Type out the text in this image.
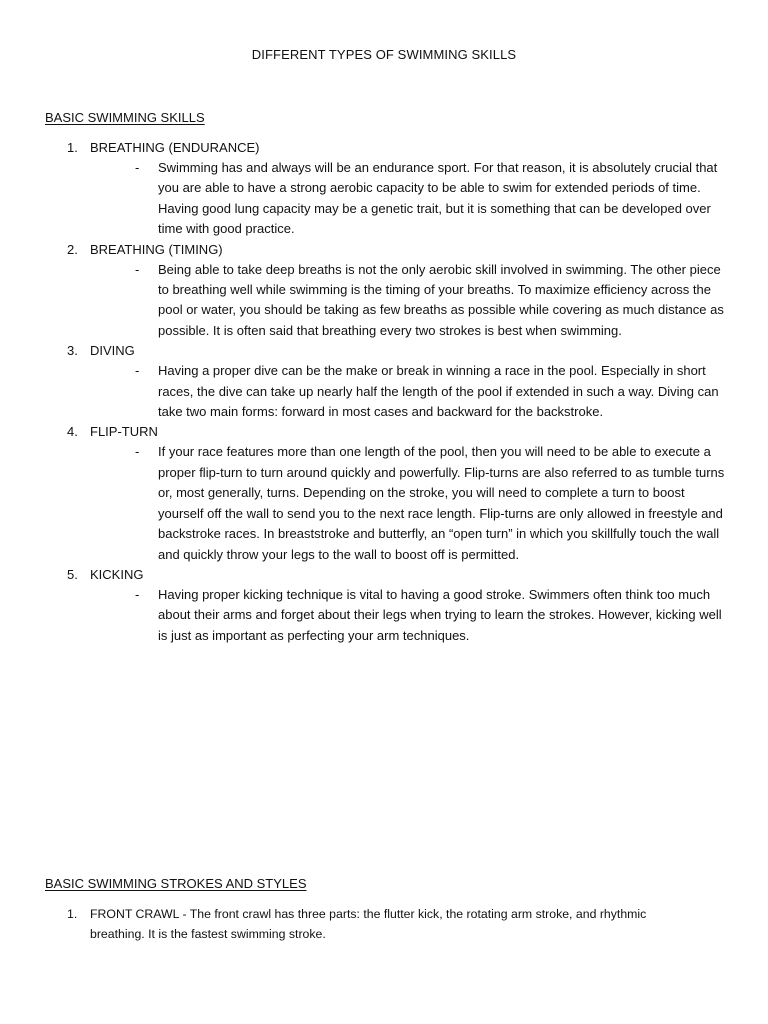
DIFFERENT TYPES OF SWIMMING SKILLS
BASIC SWIMMING SKILLS
1. BREATHING (ENDURANCE)
- Swimming has and always will be an endurance sport. For that reason, it is absolutely crucial that you are able to have a strong aerobic capacity to be able to swim for extended periods of time. Having good lung capacity may be a genetic trait, but it is something that can be developed over time with good practice.
2. BREATHING (TIMING)
- Being able to take deep breaths is not the only aerobic skill involved in swimming. The other piece to breathing well while swimming is the timing of your breaths. To maximize efficiency across the pool or water, you should be taking as few breaths as possible while covering as much distance as possible. It is often said that breathing every two strokes is best when swimming.
3. DIVING
- Having a proper dive can be the make or break in winning a race in the pool. Especially in short races, the dive can take up nearly half the length of the pool if extended in such a way. Diving can take two main forms: forward in most cases and backward for the backstroke.
4. FLIP-TURN
- If your race features more than one length of the pool, then you will need to be able to execute a proper flip-turn to turn around quickly and powerfully. Flip-turns are also referred to as tumble turns or, most generally, turns. Depending on the stroke, you will need to complete a turn to boost yourself off the wall to send you to the next race length. Flip-turns are only allowed in freestyle and backstroke races. In breaststroke and butterfly, an “open turn” in which you skillfully touch the wall and quickly throw your legs to the wall to boost off is permitted.
5. KICKING
- Having proper kicking technique is vital to having a good stroke. Swimmers often think too much about their arms and forget about their legs when trying to learn the strokes. However, kicking well is just as important as perfecting your arm techniques.
BASIC SWIMMING STROKES AND STYLES
1. FRONT CRAWL - The front crawl has three parts: the flutter kick, the rotating arm stroke, and rhythmic breathing. It is the fastest swimming stroke.
